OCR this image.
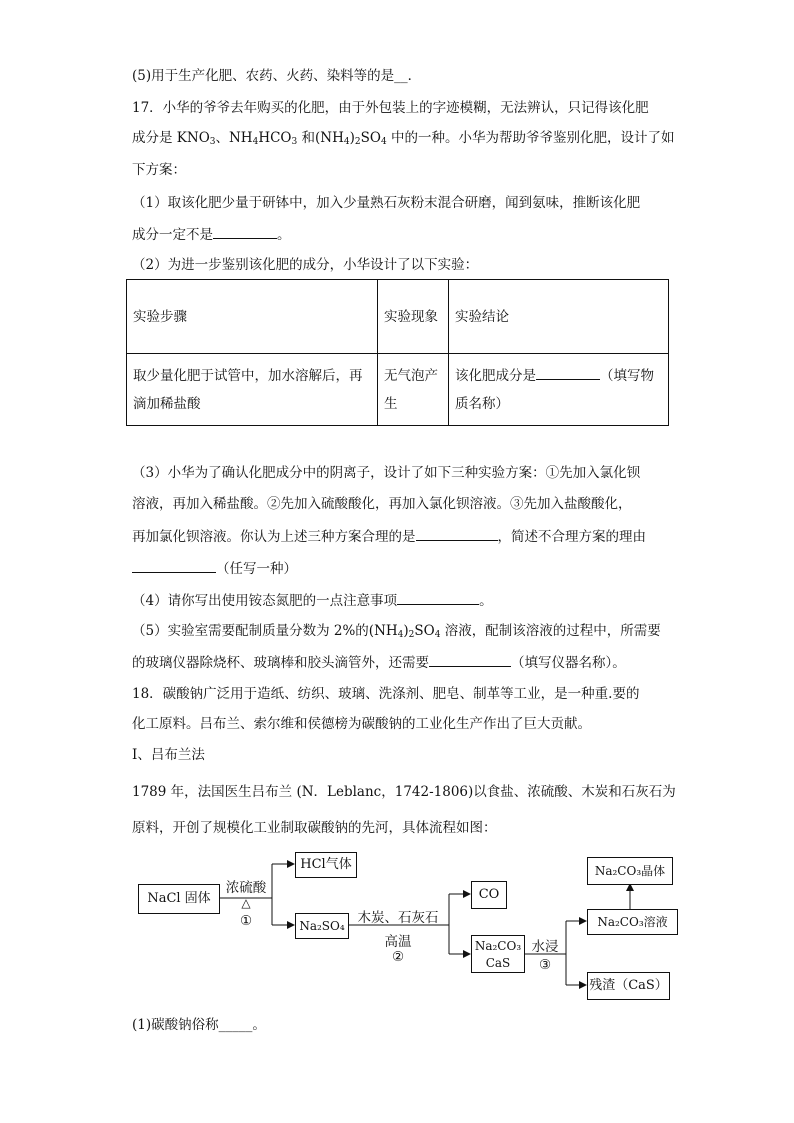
(5)用于生产化肥、农药、火药、染料等的是__．
17．小华的爷爷去年购买的化肥，由于外包装上的字迹模糊，无法辨认，只记得该化肥
成分是 $KNO_3$、$NH_4HCO_3$ 和$(NH_4)_2SO_4$ 中的一种。小华为帮助爷爷鉴别化肥，设计了如
下方案：
（1）取该化肥少量于研钵中，加入少量熟石灰粉末混合研磨，闻到氨味，推断该化肥
成分一定不是	。
（2）为进一步鉴别该化肥的成分，小华设计了以下实验：
实验步骤	实验现象	实验结论
取少量化肥于试管中，加水溶解后，再滴加稀盐酸	无气泡产生	该化肥成分是 （填写物质名称）
（3）小华为了确认化肥成分中的阴离子，设计了如下三种实验方案：①先加入氯化钡
溶液，再加入稀盐酸。②先加入硫酸酸化，再加入氯化钡溶液。③先加入盐酸酸化，
再加氯化钡溶液。你认为上述三种方案合理的是	，简述不合理方案的理由
（任写一种）
（4）请你写出使用铵态氮肥的一点注意事项	。
（5）实验室需要配制质量分数为 2%的$(NH_4)_2SO_4$ 溶液，配制该溶液的过程中，所需要
的玻璃仪器除烧杯、玻璃棒和胶头滴管外，还需要	（填写仪器名称）。
18．碳酸钠广泛用于造纸、纺织、玻璃、洗涤剂、肥皂、制革等工业，是一种重.要的
化工原料。吕布兰、索尔维和侯德榜为碳酸钠的工业化生产作出了巨大贡献。
I、吕布兰法
1789 年，法国医生吕布兰 (N．Leblanc，1742-1806)以食盐、浓硫酸、木炭和石灰石为
原料，开创了规模化工业制取碳酸钠的先河，具体流程如图：
NaCl 固体
浓硫酸
△
①
HCl气体
Na₂SO₄ 木炭、石灰石
高温
②
CO
Na₂CO₃
CaS
水浸
③
Na₂CO₃晶体
Na₂CO₃溶液
残渣（CaS）
(1)碳酸钠俗称_____。
